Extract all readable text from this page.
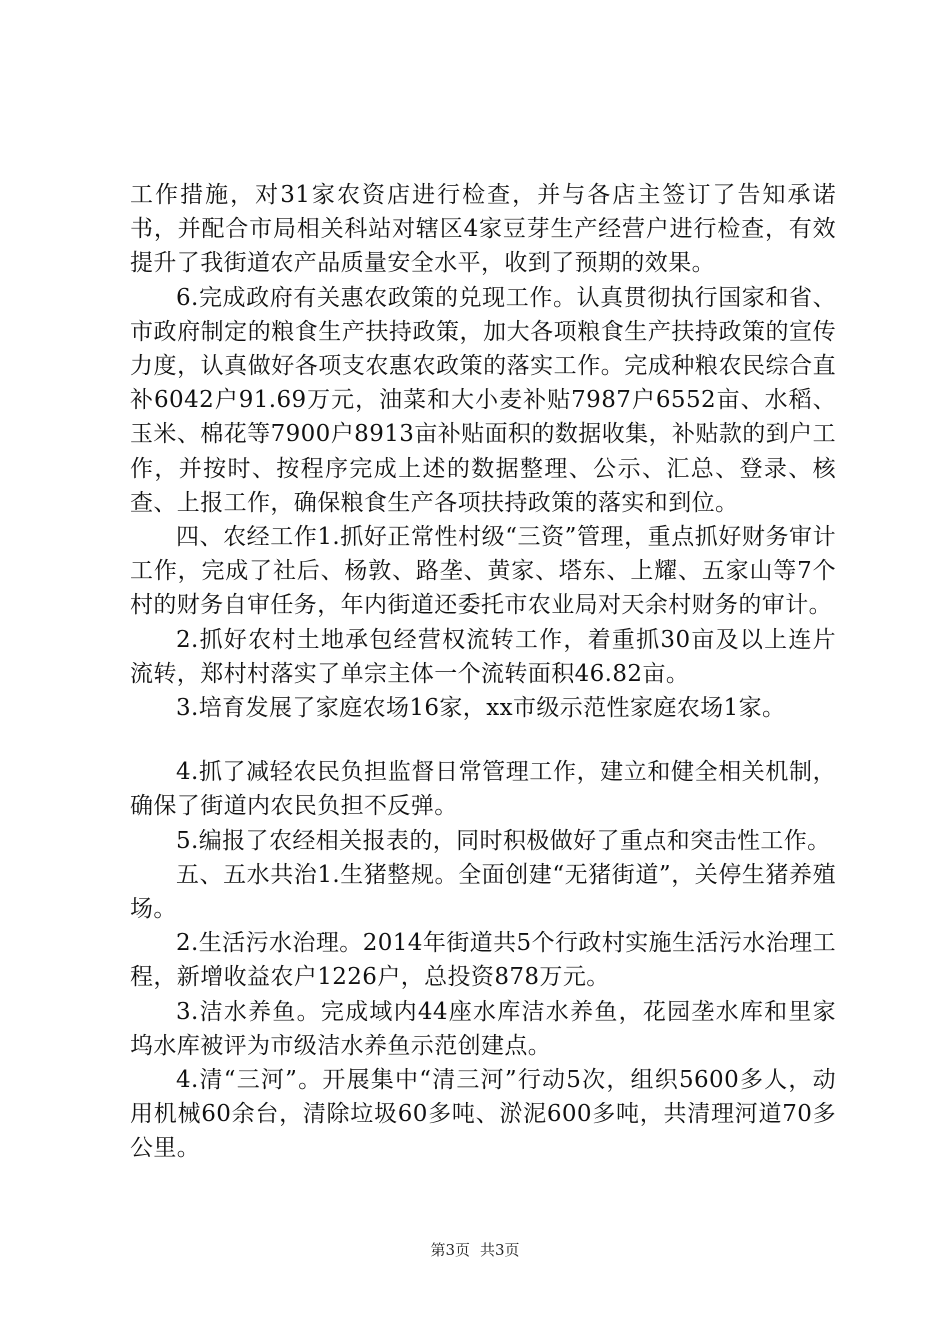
工作措施，对31家农资店进行检查，并与各店主签订了告知承诺书，并配合市局相关科站对辖区4家豆芽生产经营户进行检查，有效提升了我街道农产品质量安全水平，收到了预期的效果。

6.完成政府有关惠农政策的兑现工作。认真贯彻执行国家和省、市政府制定的粮食生产扶持政策，加大各项粮食生产扶持政策的宣传力度，认真做好各项支农惠农政策的落实工作。完成种粮农民综合直补6042户91.69万元，油菜和大小麦补贴7987户6552亩、水稻、玉米、棉花等7900户8913亩补贴面积的数据收集，补贴款的到户工作，并按时、按程序完成上述的数据整理、公示、汇总、登录、核查、上报工作，确保粮食生产各项扶持政策的落实和到位。

四、农经工作1.抓好正常性村级“三资”管理，重点抓好财务审计工作，完成了社后、杨敦、路垄、黄家、塔东、上耀、五家山等7个村的财务自审任务，年内街道还委托市农业局对天余村财务的审计。

2.抓好农村土地承包经营权流转工作，着重抓30亩及以上连片流转，郑村村落实了单宗主体一个流转面积46.82亩。

3.培育发展了家庭农场16家，xx市级示范性家庭农场1家。

4.抓了减轻农民负担监督日常管理工作，建立和健全相关机制，确保了街道内农民负担不反弹。

5.编报了农经相关报表的，同时积极做好了重点和突击性工作。

五、五水共治1.生猪整规。全面创建“无猪街道”，关停生猪养殖场。

2.生活污水治理。2014年街道共5个行政村实施生活污水治理工程，新增收益农户1226户，总投资878万元。

3.洁水养鱼。完成域内44座水库洁水养鱼，花园垄水库和里家坞水库被评为市级洁水养鱼示范创建点。

4.清“三河”。开展集中“清三河”行动5次，组织5600多人，动用机械60余台，清除垃圾60多吨、淤泥600多吨，共清理河道70多公里。

第3页 共3页
